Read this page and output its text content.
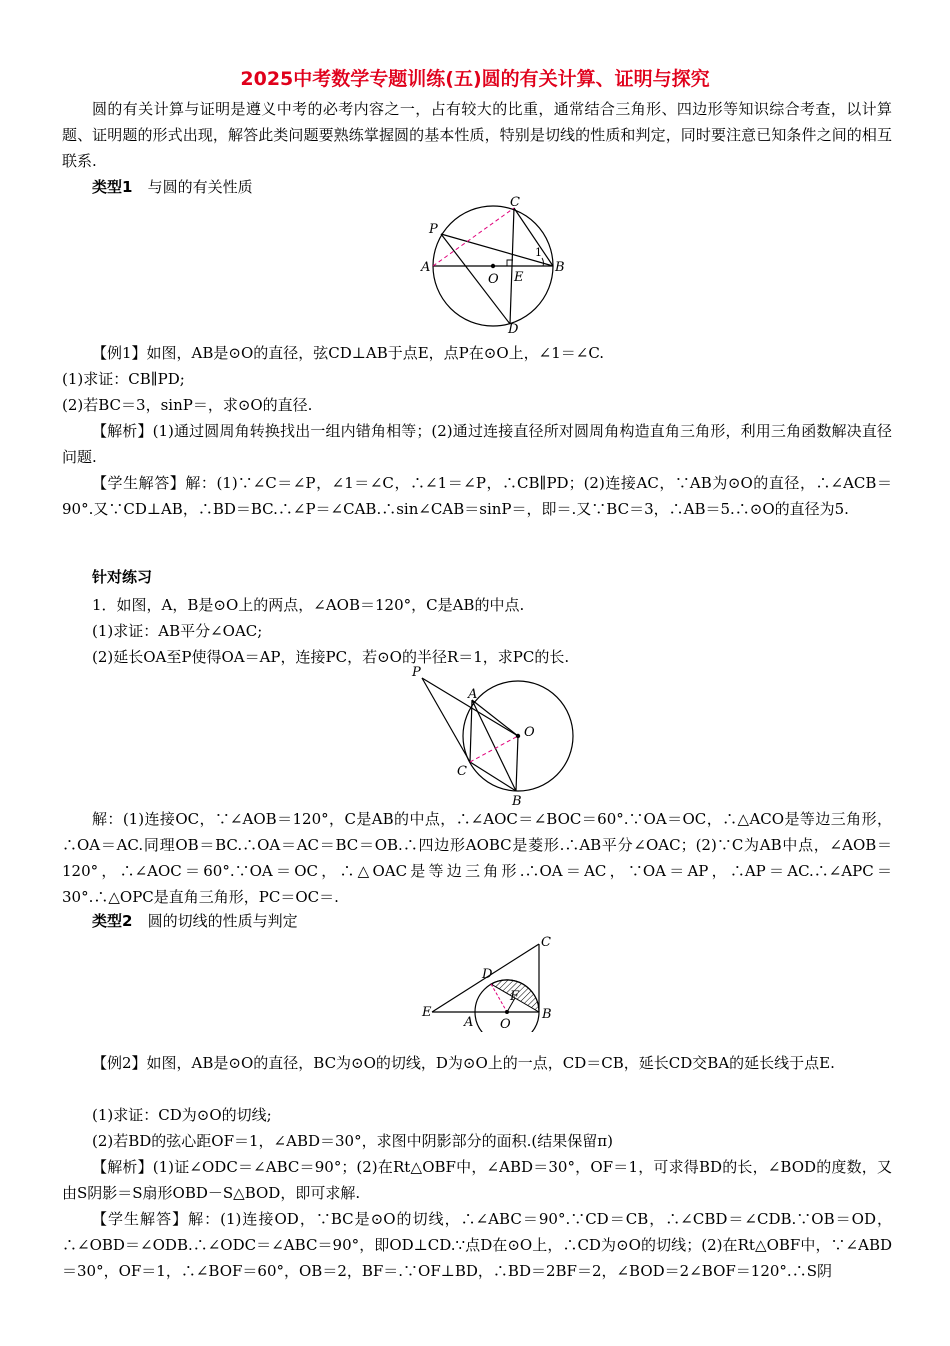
2025中考数学专题训练(五)圆的有关计算、证明与探究
圆的有关计算与证明是遵义中考的必考内容之一，占有较大的比重，通常结合三角形、四边形等知识综合考查，以计算题、证明题的形式出现，解答此类问题要熟练掌握圆的基本性质，特别是切线的性质和判定，同时要注意已知条件之间的相互联系.
类型1 与圆的有关性质
C
P
A
O E
B
D
1
【例1】如图，AB是⊙O的直径，弦CD⊥AB于点E，点P在⊙O上，∠1＝∠C.
(1)求证：CB∥PD;
(2)若BC＝3，sinP＝，求⊙O的直径.
【解析】(1)通过圆周角转换找出一组内错角相等；(2)通过连接直径所对圆周角构造直角三角形，利用三角函数解决直径问题.
【学生解答】解：(1)∵∠C＝∠P，∠1＝∠C，∴∠1＝∠P，∴CB∥PD；(2)连接AC，∵AB为⊙O的直径，∴∠ACB＝90°.又∵CD⊥AB，∴BD＝BC.∴∠P＝∠CAB.∴sin∠CAB＝sinP＝，即＝.又∵BC＝3，∴AB＝5.∴⊙O的直径为5.
针对练习
1．如图，A，B是⊙O上的两点，∠AOB＝120°，C是AB的中点.
(1)求证：AB平分∠OAC;
(2)延长OA至P使得OA＝AP，连接PC，若⊙O的半径R＝1，求PC的长.
P
A
O
C
B
解：(1)连接OC，∵∠AOB＝120°，C是AB的中点，∴∠AOC＝∠BOC＝60°.∵OA＝OC，∴△ACO是等边三角形，∴OA＝AC.同理OB＝BC.∴OA＝AC＝BC＝OB.∴四边形AOBC是菱形.∴AB平分∠OAC；(2)∵C为AB中点，∠AOB＝120°，∴∠AOC＝60°.∵OA＝OC，∴△OAC是等边三角形.∴OA＝AC，∵OA＝AP，∴AP＝AC.∴∠APC＝30°.∴△OPC是直角三角形，PC＝OC＝.
类型2 圆的切线的性质与判定
C
D
F
E
A O
B
【例2】如图，AB是⊙O的直径，BC为⊙O的切线，D为⊙O上的一点，CD＝CB，延长CD交BA的延长线于点E.
(1)求证：CD为⊙O的切线;
(2)若BD的弦心距OF＝1，∠ABD＝30°，求图中阴影部分的面积.(结果保留π)
【解析】(1)证∠ODC＝∠ABC＝90°；(2)在Rt△OBF中，∠ABD＝30°，OF＝1，可求得BD的长，∠BOD的度数，又由S阴影＝S扇形OBD－S△BOD，即可求解.
【学生解答】解：(1)连接OD，∵BC是⊙O的切线，∴∠ABC＝90°.∵CD＝CB，∴∠CBD＝∠CDB.∵OB＝OD，∴∠OBD＝∠ODB.∴∠ODC＝∠ABC＝90°，即OD⊥CD.∵点D在⊙O上，∴CD为⊙O的切线；(2)在Rt△OBF中，∵∠ABD＝30°，OF＝1，∴∠BOF＝60°，OB＝2，BF＝.∵OF⊥BD，∴BD＝2BF＝2，∠BOD＝2∠BOF＝120°.∴S阴
